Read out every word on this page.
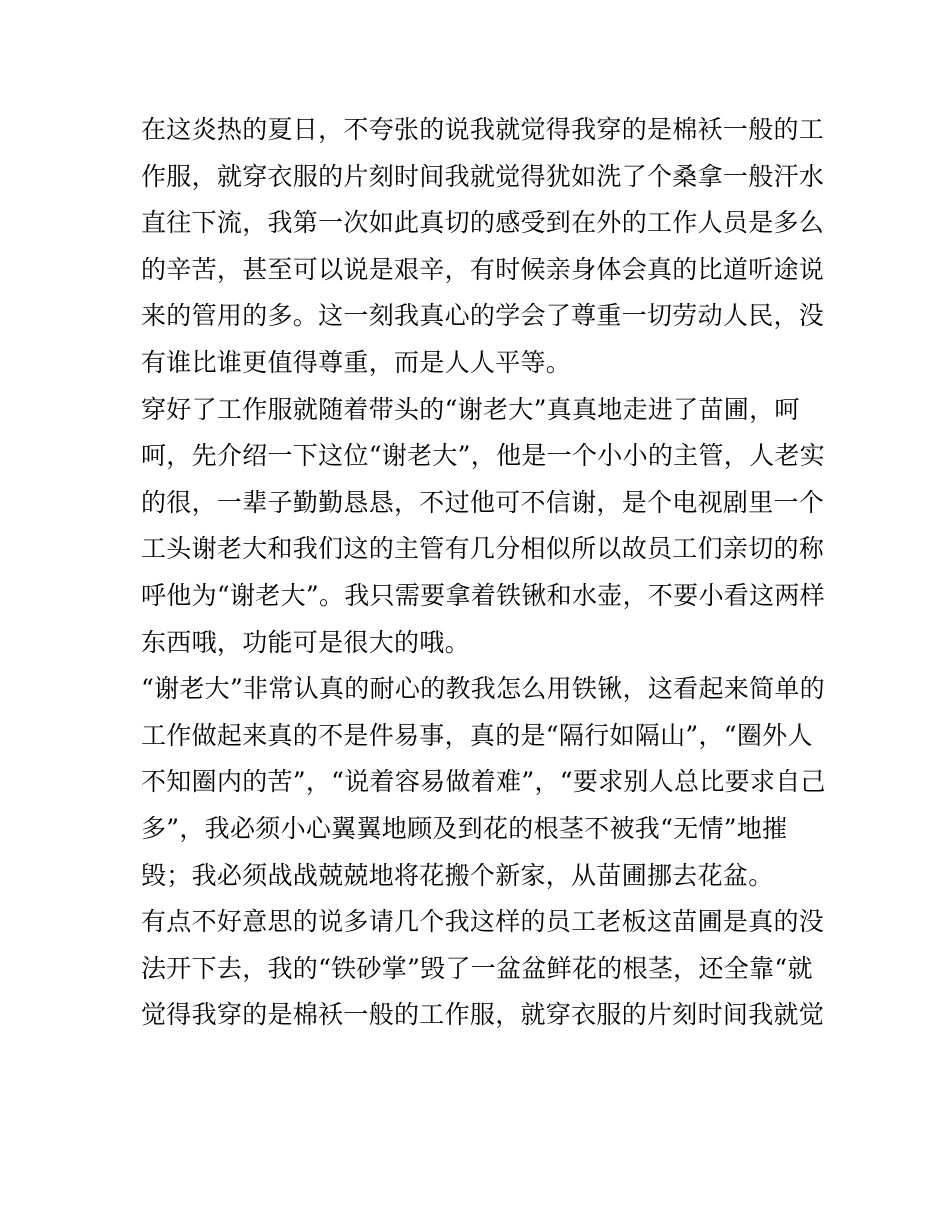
在这炎热的夏日，不夸张的说我就觉得我穿的是棉袄一般的工
作服，就穿衣服的片刻时间我就觉得犹如洗了个桑拿一般汗水
直往下流，我第一次如此真切的感受到在外的工作人员是多么
的辛苦，甚至可以说是艰辛，有时候亲身体会真的比道听途说
来的管用的多。这一刻我真心的学会了尊重一切劳动人民，没
有谁比谁更值得尊重，而是人人平等。
穿好了工作服就随着带头的“谢老大”真真地走进了苗圃，呵
呵，先介绍一下这位“谢老大”，他是一个小小的主管，人老实
的很，一辈子勤勤恳恳，不过他可不信谢，是个电视剧里一个
工头谢老大和我们这的主管有几分相似所以故员工们亲切的称
呼他为“谢老大”。我只需要拿着铁锹和水壶，不要小看这两样
东西哦，功能可是很大的哦。
“谢老大”非常认真的耐心的教我怎么用铁锹，这看起来简单的
工作做起来真的不是件易事，真的是“隔行如隔山”，“圈外人
不知圈内的苦”，“说着容易做着难”，“要求别人总比要求自己
多”，我必须小心翼翼地顾及到花的根茎不被我“无情”地摧
毁；我必须战战兢兢地将花搬个新家，从苗圃挪去花盆。
有点不好意思的说多请几个我这样的员工老板这苗圃是真的没
法开下去，我的“铁砂掌”毁了一盆盆鲜花的根茎，还全靠“就
觉得我穿的是棉袄一般的工作服，就穿衣服的片刻时间我就觉
